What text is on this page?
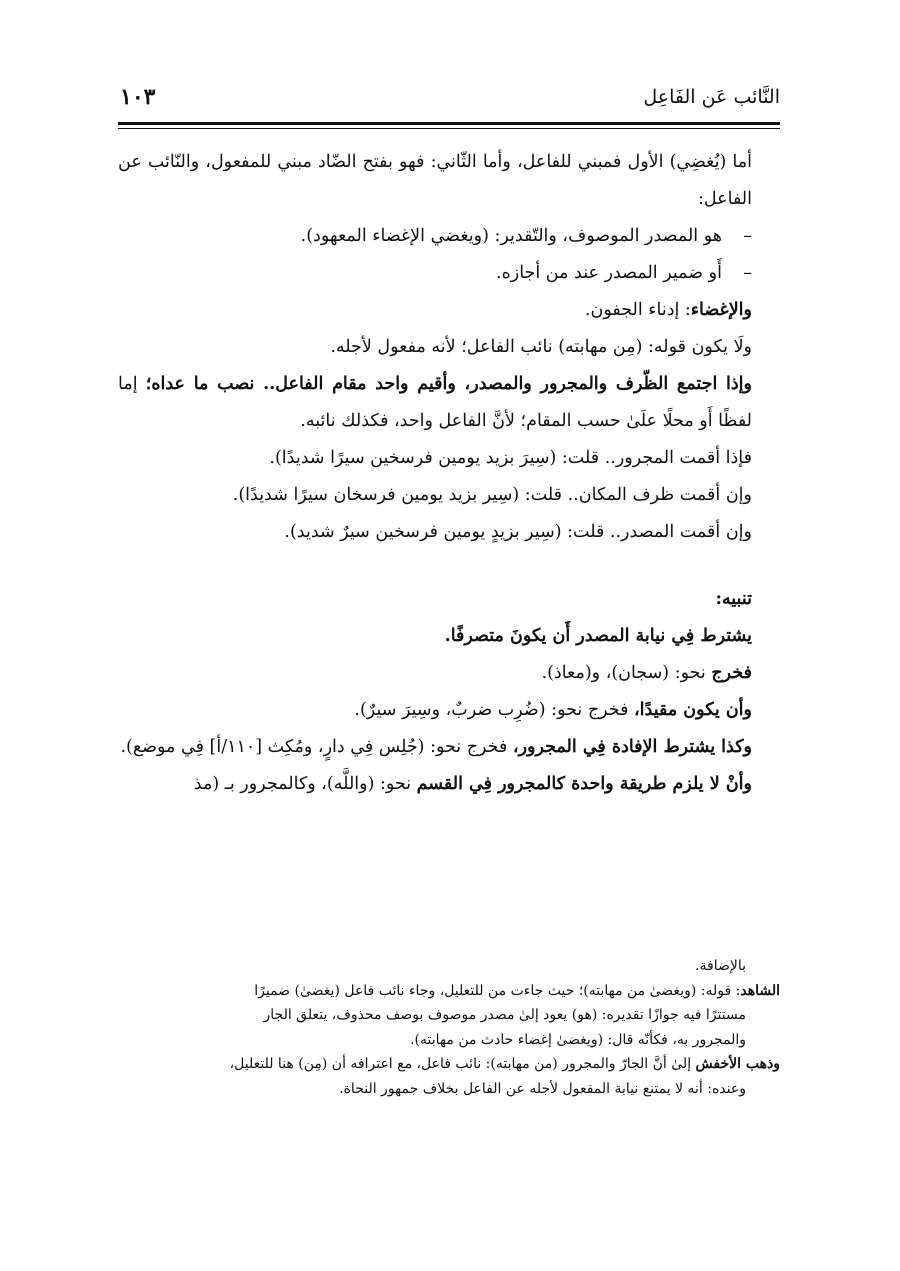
النَّائب عَن الفَاعِل
١٠٣

أما (يُغضِي) الأول فمبني للفاعل، وأما الثّاني: فهو بفتح الضّاد مبني للمفعول، والنّائب عن الفاعل:

–هو المصدر الموصوف، والتّقدير: (ويغضي الإغضاء المعهود).

–أَو ضمير المصدر عند من أجازه.

والإغضاء: إدناء الجفون.

ولَا يكون قوله: (مِن مهابته) نائب الفاعل؛ لأنه مفعول لأجله.

وإذا اجتمع الظّرف والمجرور والمصدر، وأقيم واحد مقام الفاعل.. نصب ما عداه؛ إما لفظًا أَو محلًا علَىٰ حسب المقام؛ لأنَّ الفاعل واحد، فكذلك نائبه.

فإذا أقمت المجرور.. قلت: (سِيرَ بزيد يومين فرسخين سيرًا شديدًا).

وإن أقمت ظرف المكان.. قلت: (سِير بزيد يومين فرسخان سيرًا شديدًا).

وإن أقمت المصدر.. قلت: (سِير بزيدٍ يومين فرسخين سيرٌ شديد).

تنبيه:

يشترط فِي نيابة المصدر أَن يكونَ متصرفًا.

فخرج نحو: (سجان)، و(معاذ).

وأن يكون مقيدًا، فخرج نحو: (ضُرِب ضربٌ، وسِيرَ سيرٌ).

وكذا يشترط الإفادة فِي المجرور، فخرج نحو: (جُلِس فِي دارٍ، ومُكِث [١١٠/أ] فِي موضع).

وأنْ لا يلزم طريقة واحدة كالمجرور فِي القسم نحو: (واللَّه)، وكالمجرور بـ (مذ

بالإضافة.

الشاهد: قوله: (ويغضىٰ من مهابته)؛ حيث جاءت من للتعليل، وجاء نائب فاعل (يغضىٰ) ضميرًا

مستترًا فيه جوازًا تقديره: (هو) يعود إلىٰ مصدر موصوف بوصف محذوف، يتعلق الجار

والمجرور به، فكأنّه قال: (ويغضىٰ إغضاء حادث من مهابته).

وذهب الأخفش إلىٰ أنَّ الجارّ والمجرور (من مهابته): نائب فاعل، مع اعترافه أن (مِن) هنا للتعليل،

وعنده: أنه لا يمتنع نيابة المفعول لأجله عن الفاعل بخلاف جمهور النحاة.
